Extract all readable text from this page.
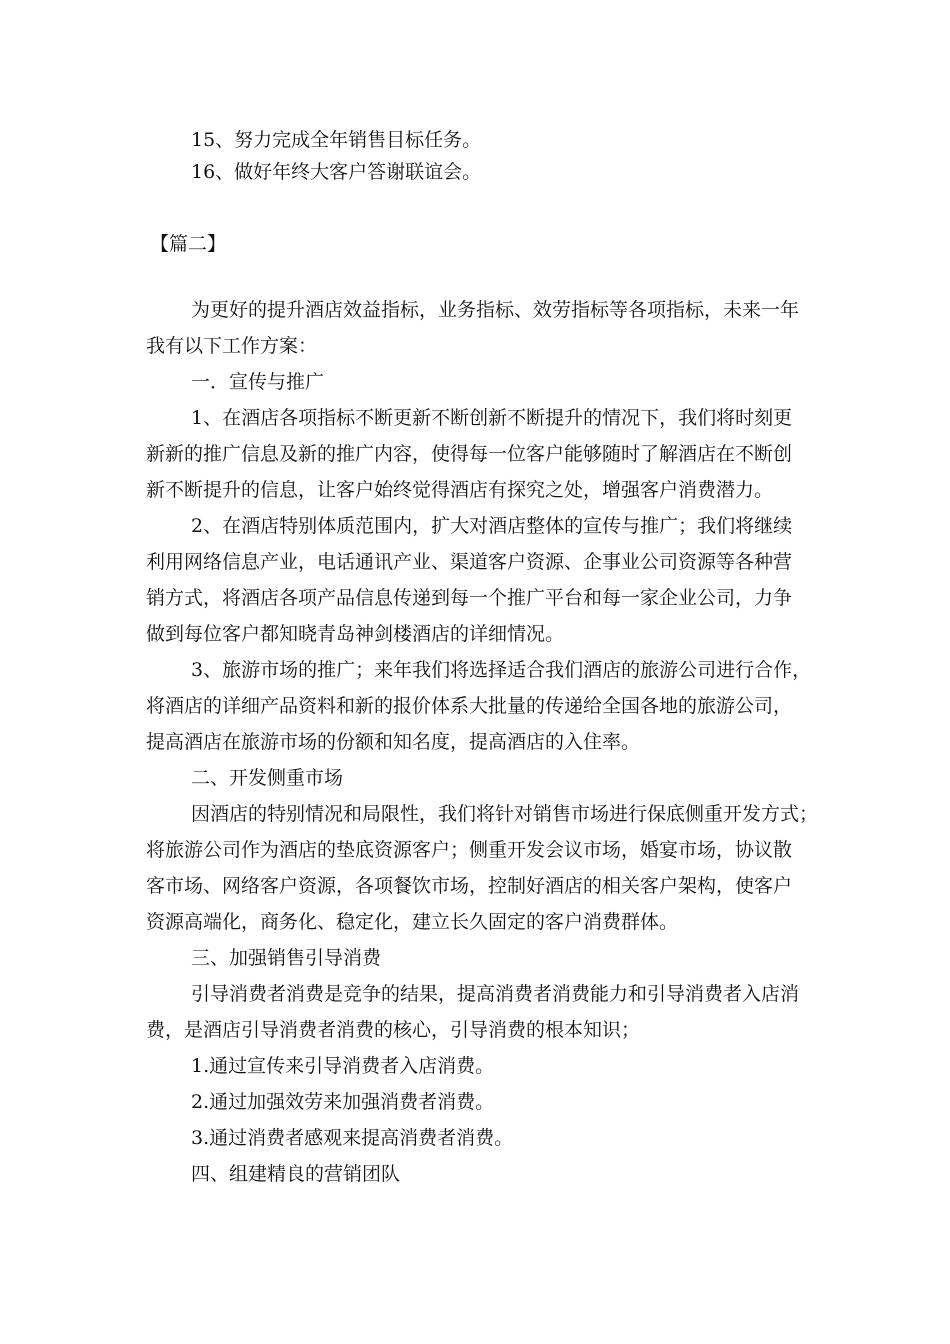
15、努力完成全年销售目标任务。
16、做好年终大客户答谢联谊会。
【篇二】
为更好的提升酒店效益指标，业务指标、效劳指标等各项指标，未来一年
我有以下工作方案：
一．宣传与推广
1、在酒店各项指标不断更新不断创新不断提升的情况下，我们将时刻更
新新的推广信息及新的推广内容，使得每一位客户能够随时了解酒店在不断创
新不断提升的信息，让客户始终觉得酒店有探究之处，增强客户消费潜力。
2、在酒店特别体质范围内，扩大对酒店整体的宣传与推广；我们将继续
利用网络信息产业，电话通讯产业、渠道客户资源、企事业公司资源等各种营
销方式，将酒店各项产品信息传递到每一个推广平台和每一家企业公司，力争
做到每位客户都知晓青岛神剑楼酒店的详细情况。
3、旅游市场的推广；来年我们将选择适合我们酒店的旅游公司进行合作，
将酒店的详细产品资料和新的报价体系大批量的传递给全国各地的旅游公司，
提高酒店在旅游市场的份额和知名度，提高酒店的入住率。
二、开发侧重市场
因酒店的特别情况和局限性，我们将针对销售市场进行保底侧重开发方式；
将旅游公司作为酒店的垫底资源客户；侧重开发会议市场，婚宴市场，协议散
客市场、网络客户资源，各项餐饮市场，控制好酒店的相关客户架构，使客户
资源高端化，商务化、稳定化，建立长久固定的客户消费群体。
三、加强销售引导消费
引导消费者消费是竞争的结果，提高消费者消费能力和引导消费者入店消
费，是酒店引导消费者消费的核心，引导消费的根本知识；
1.通过宣传来引导消费者入店消费。
2.通过加强效劳来加强消费者消费。
3.通过消费者感观来提高消费者消费。
四、组建精良的营销团队
